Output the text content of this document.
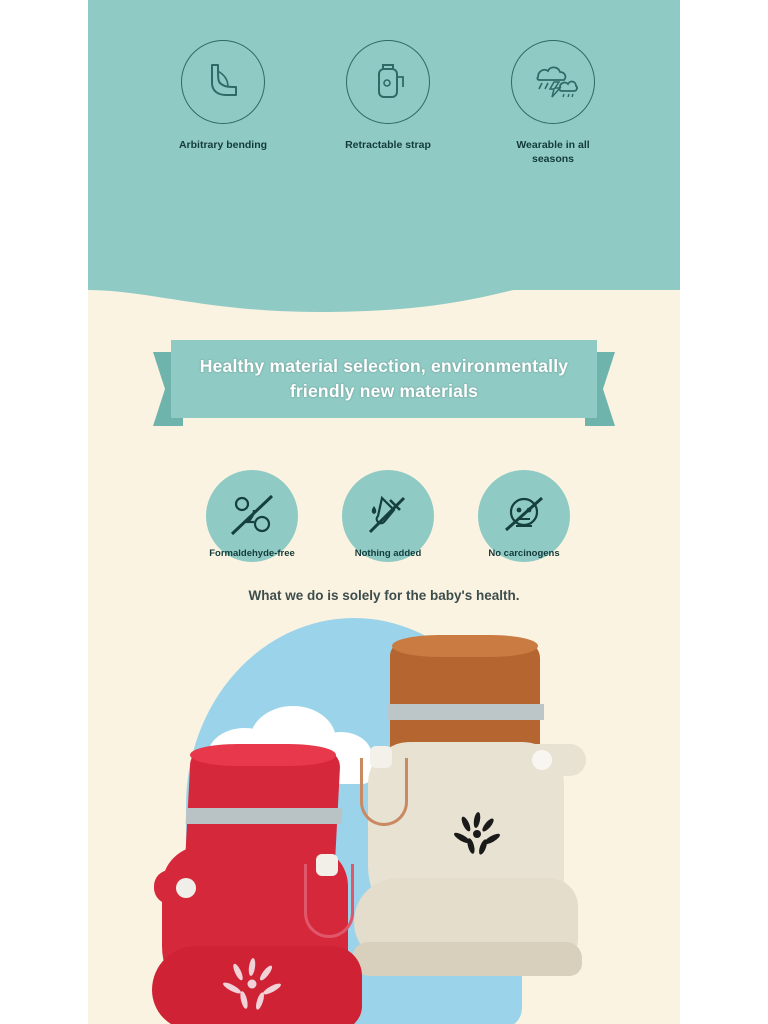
Arbitrary bending	Retractable strap	Wearable in all seasons
Healthy material selection, environmentally friendly new materials
Formaldehyde-free	Nothing added	No carcinogens
What we do is solely for the baby's health.
